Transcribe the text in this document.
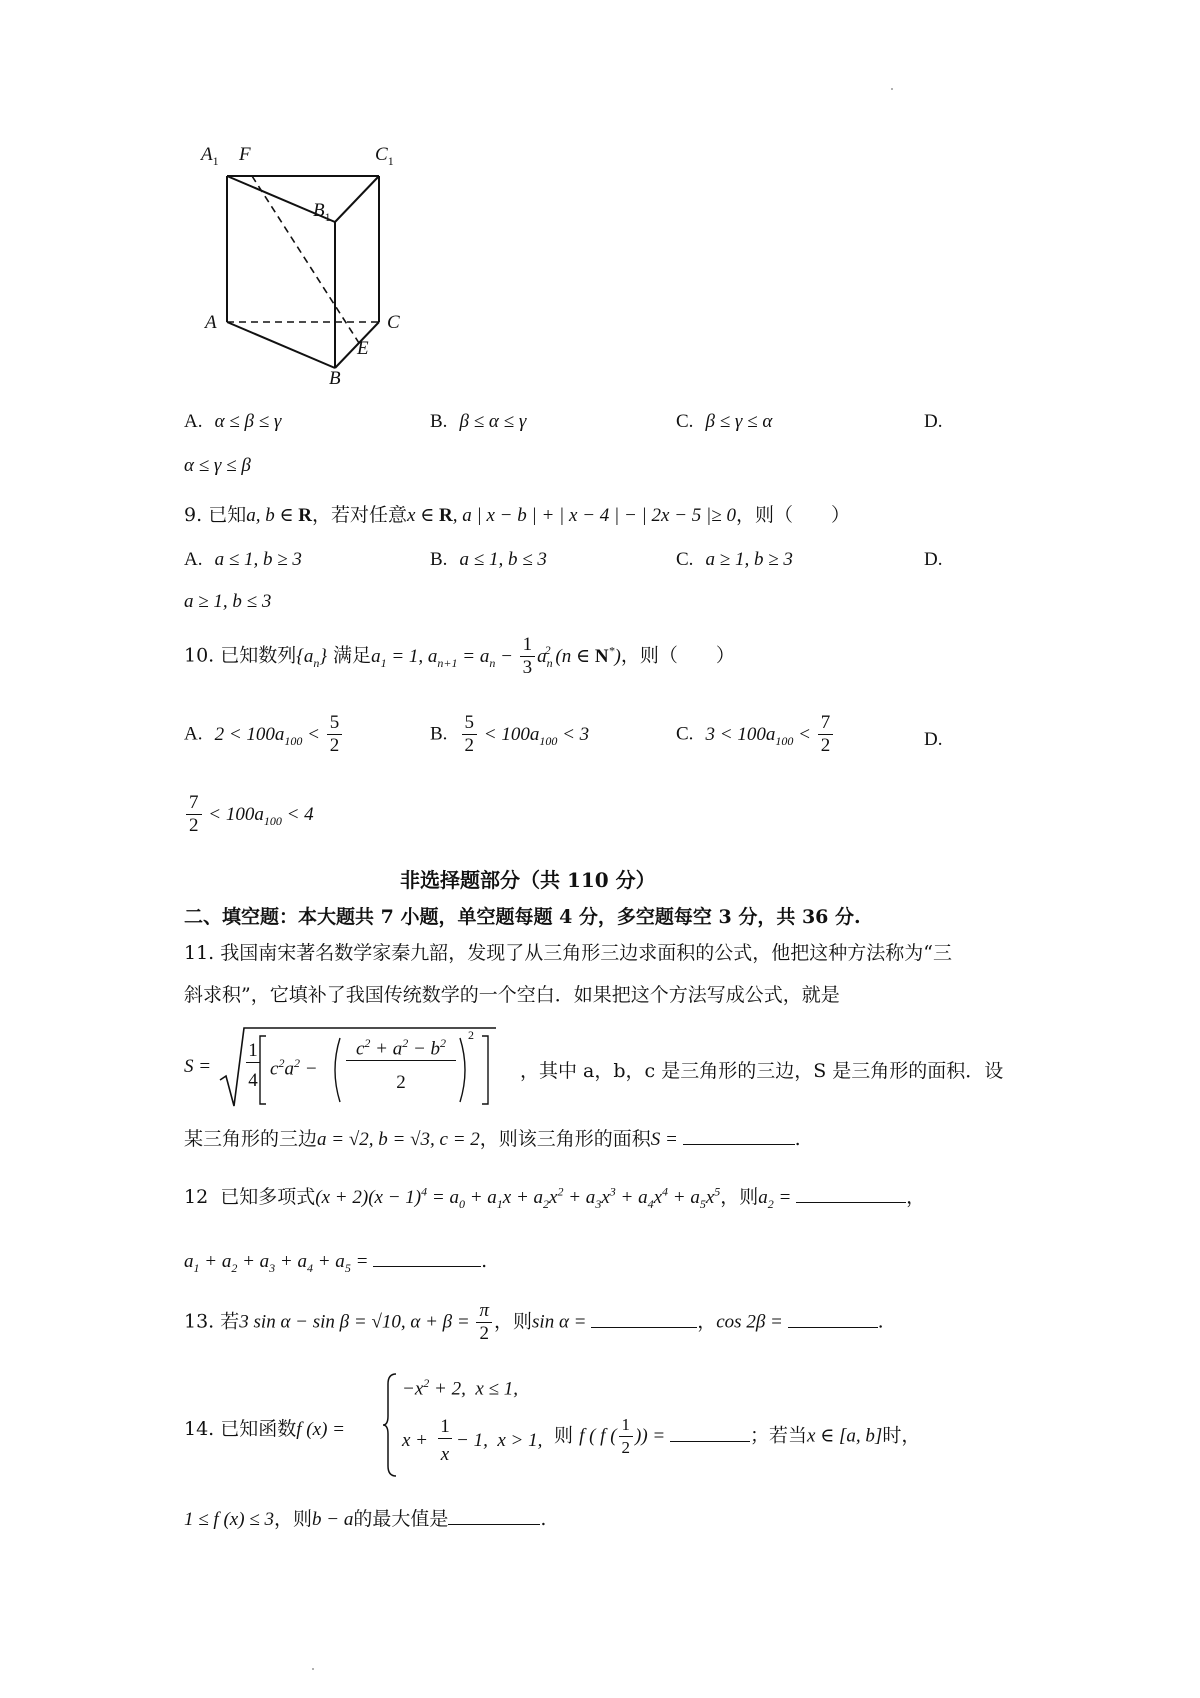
$A_1$ F	$C_1$
$B_1$
A	C
E
B
A. α ≤ β ≤ γ	B. β ≤ α ≤ γ	C. β ≤ γ ≤ α	D.
α ≤ γ ≤ β
9. 已知a, b ∈ R，若对任意x ∈ R, a | x − b | + | x − 4 | − | 2x − 5 |≥ 0，则（　　）
A. a ≤ 1, b ≥ 3	B. a ≤ 1, b ≤ 3	C. a ≥ 1, b ≥ 3	D.
a ≥ 1, b ≤ 3
10. 已知数列$\{a_n\}$ 满足$a_1 = 1$, $a_{n+1} = a_n - \frac{1}{3} a_n^2$ (n ∈ N*)，则（　　）
A. $2 < 100a_{100} < \frac{5}{2}$	B. $\frac{5}{2} < 100a_{100} < 3$	C. $3 < 100a_{100} < \frac{7}{2}$	D.
$\frac{7}{2} < 100a_{100} < 4$
非选择题部分（共 110 分）
二、填空题：本大题共 7 小题，单空题每题 4 分，多空题每空 3 分，共 36 分.
11. 我国南宋著名数学家秦九韶，发现了从三角形三边求面积的公式，他把这种方法称为“三
斜求积”，它填补了我国传统数学的一个空白．如果把这个方法写成公式，就是
S =
1
4
$c^2a^2$ −
$c^2 + a^2 - b^2$
2
2
，其中 a，b，c 是三角形的三边，S 是三角形的面积．设
某三角形的三边a = √2, b = √3, c = 2，则该三角形的面积S =	.
12 已知多项式$(x + 2)(x - 1)^4 = a_0 + a_1x + a_2x^2 + a_3x^3 + a_4x^4 + a_5x^5$，则$a_2$ =	，
$a_1 + a_2 + a_3 + a_4 + a_5$ =	.
13. 若3 sin α − sin β = √10, $\alpha + \beta = \frac{\pi}{2}$ ，则sin α =	，cos 2β =	.
14. 已知函数f (x) =
$-x^2 + 2$,  x ≤ 1,
x +
1
x
− 1,  x > 1, 则 f ( f ( $\frac{1}{2}$ )) =	；若当x ∈ [a, b]时，
1 ≤ f (x) ≤ 3，则b − a的最大值是	.
